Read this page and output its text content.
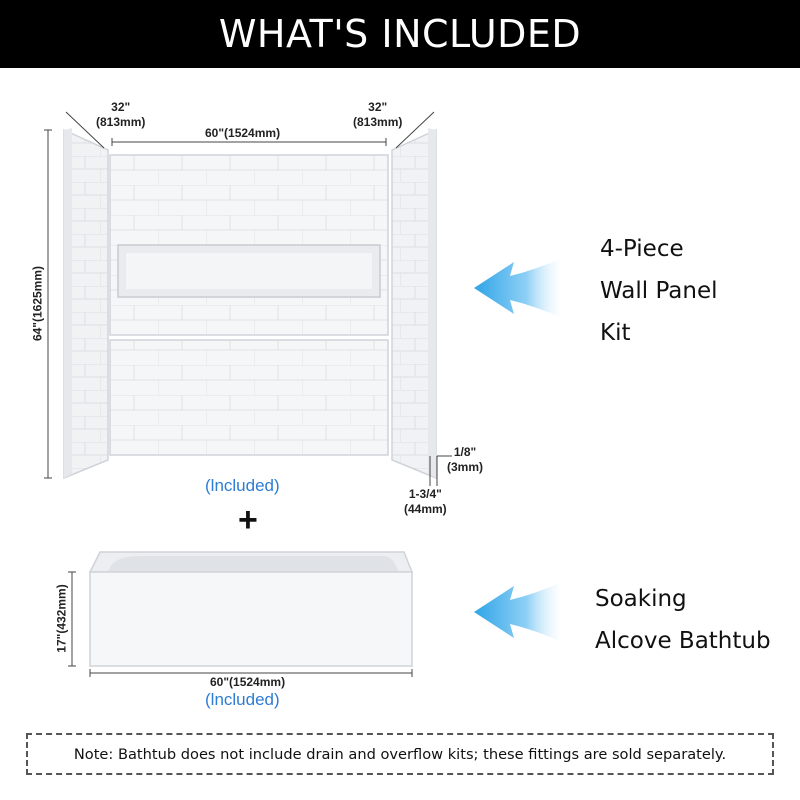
WHAT'S INCLUDED
32"
(813mm)
32"
(813mm)
60"(1524mm)
64"(1625mm)
1/8"
(3mm)
1-3/4"
(44mm)
(lncluded)
+
4-Piece
Wall Panel
Kit
17"(432mm)
60"(1524mm)
(lncluded)
Soaking
Alcove Bathtub
Note: Bathtub does not include drain and overflow kits; these fittings are sold separately.
